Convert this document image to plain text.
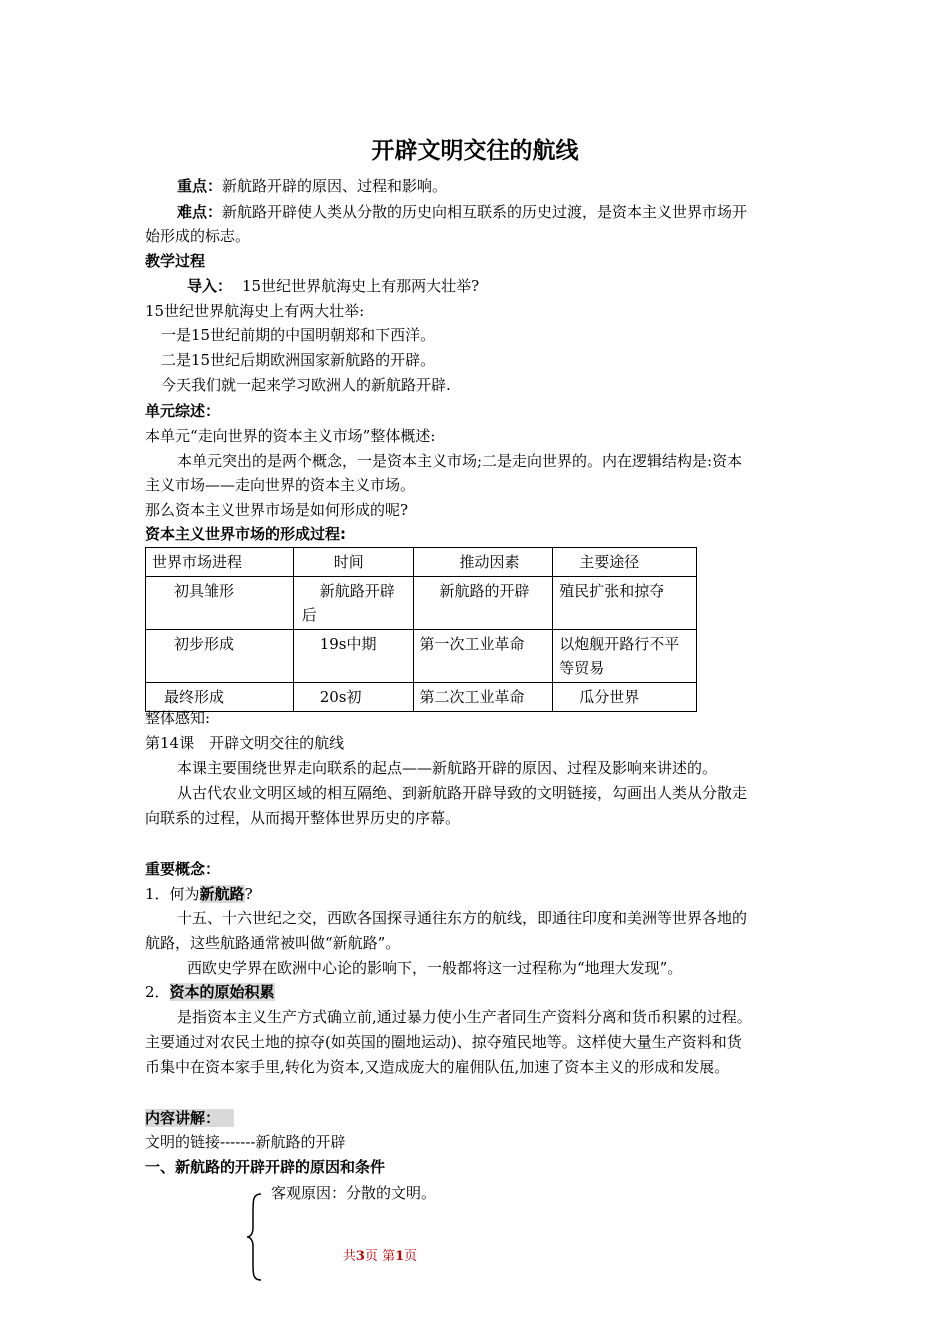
开辟文明交往的航线
重点：新航路开辟的原因、过程和影响。
难点：新航路开辟使人类从分散的历史向相互联系的历史过渡，是资本主义世界市场开
始形成的标志。
教学过程
导入： 15世纪世界航海史上有那两大壮举?
15世纪世界航海史上有两大壮举:
一是15世纪前期的中国明朝郑和下西洋。
二是15世纪后期欧洲国家新航路的开辟。
今天我们就一起来学习欧洲人的新航路开辟.
单元综述：
本单元“走向世界的资本主义市场”整体概述:
本单元突出的是两个概念，一是资本主义市场;二是走向世界的。内在逻辑结构是:资本
主义市场——走向世界的资本主义市场。
那么资本主义世界市场是如何形成的呢?
资本主义世界市场的形成过程:
世界市场进程	时间	推动因素	主要途径
初具雏形	新航路开辟后	新航路的开辟	殖民扩张和掠夺
初步形成	19s中期	第一次工业革命	以炮舰开路行不平等贸易
最终形成	20s初	第二次工业革命	瓜分世界
整体感知:
第14课　开辟文明交往的航线
本课主要围绕世界走向联系的起点——新航路开辟的原因、过程及影响来讲述的。
从古代农业文明区域的相互隔绝、到新航路开辟导致的文明链接，勾画出人类从分散走
向联系的过程，从而揭开整体世界历史的序幕。
重要概念：
1．何为新航路?
十五、十六世纪之交，西欧各国探寻通往东方的航线，即通往印度和美洲等世界各地的
航路，这些航路通常被叫做“新航路”。
西欧史学界在欧洲中心论的影响下，一般都将这一过程称为“地理大发现”。
2．资本的原始积累
是指资本主义生产方式确立前,通过暴力使小生产者同生产资料分离和货币积累的过程。
主要通过对农民土地的掠夺(如英国的圈地运动)、掠夺殖民地等。这样使大量生产资料和货
币集中在资本家手里,转化为资本,又造成庞大的雇佣队伍,加速了资本主义的形成和发展。
内容讲解：
文明的链接-------新航路的开辟
一、新航路的开辟开辟的原因和条件
客观原因：分散的文明。
共3页 第1页
